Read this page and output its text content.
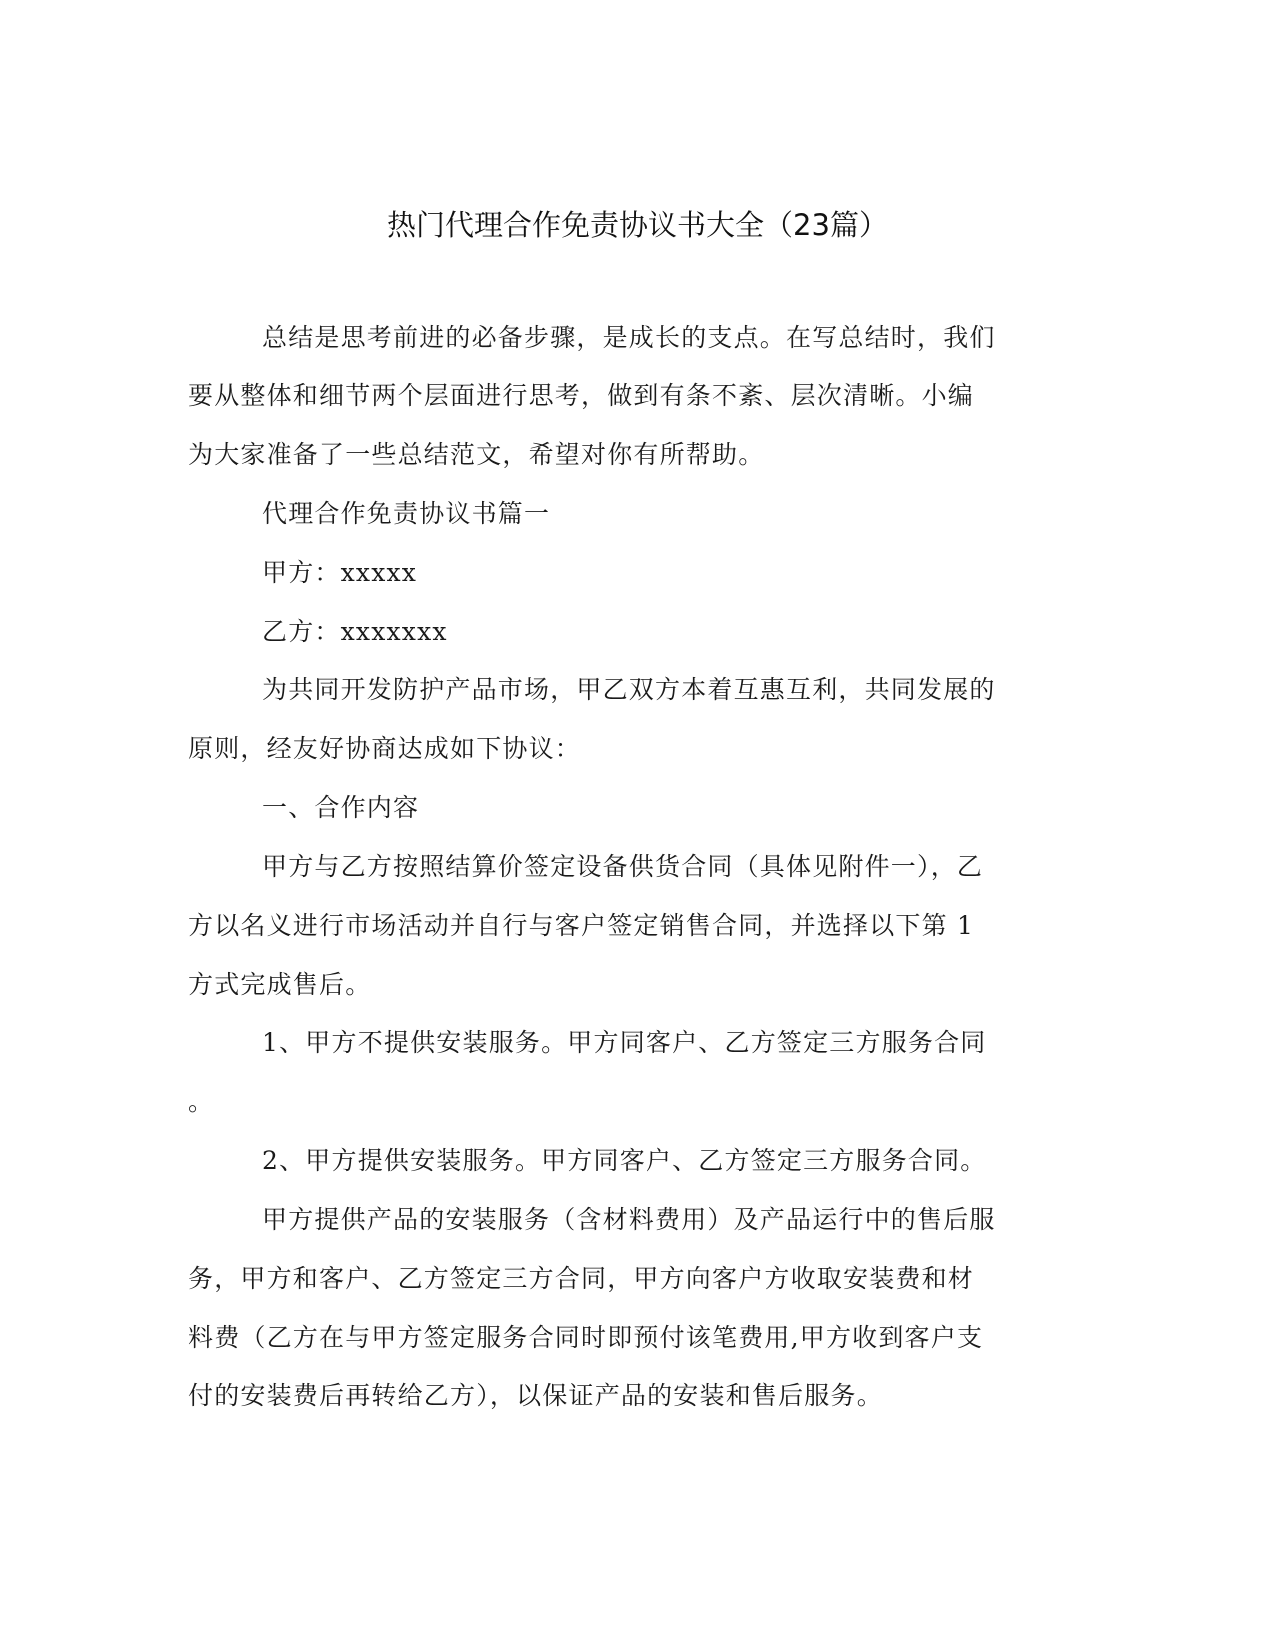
热门代理合作免责协议书大全（23篇）
总结是思考前进的必备步骤，是成长的支点。在写总结时，我们
要从整体和细节两个层面进行思考，做到有条不紊、层次清晰。小编
为大家准备了一些总结范文，希望对你有所帮助。
代理合作免责协议书篇一
甲方：xxxxx
乙方：xxxxxxx
为共同开发防护产品市场，甲乙双方本着互惠互利，共同发展的
原则，经友好协商达成如下协议：
一、合作内容
甲方与乙方按照结算价签定设备供货合同（具体见附件一），乙
方以名义进行市场活动并自行与客户签定销售合同，并选择以下第 1
方式完成售后。
1、甲方不提供安装服务。甲方同客户、乙方签定三方服务合同
。
2、甲方提供安装服务。甲方同客户、乙方签定三方服务合同。
甲方提供产品的安装服务（含材料费用）及产品运行中的售后服
务，甲方和客户、乙方签定三方合同，甲方向客户方收取安装费和材
料费（乙方在与甲方签定服务合同时即预付该笔费用,甲方收到客户支
付的安装费后再转给乙方），以保证产品的安装和售后服务。
